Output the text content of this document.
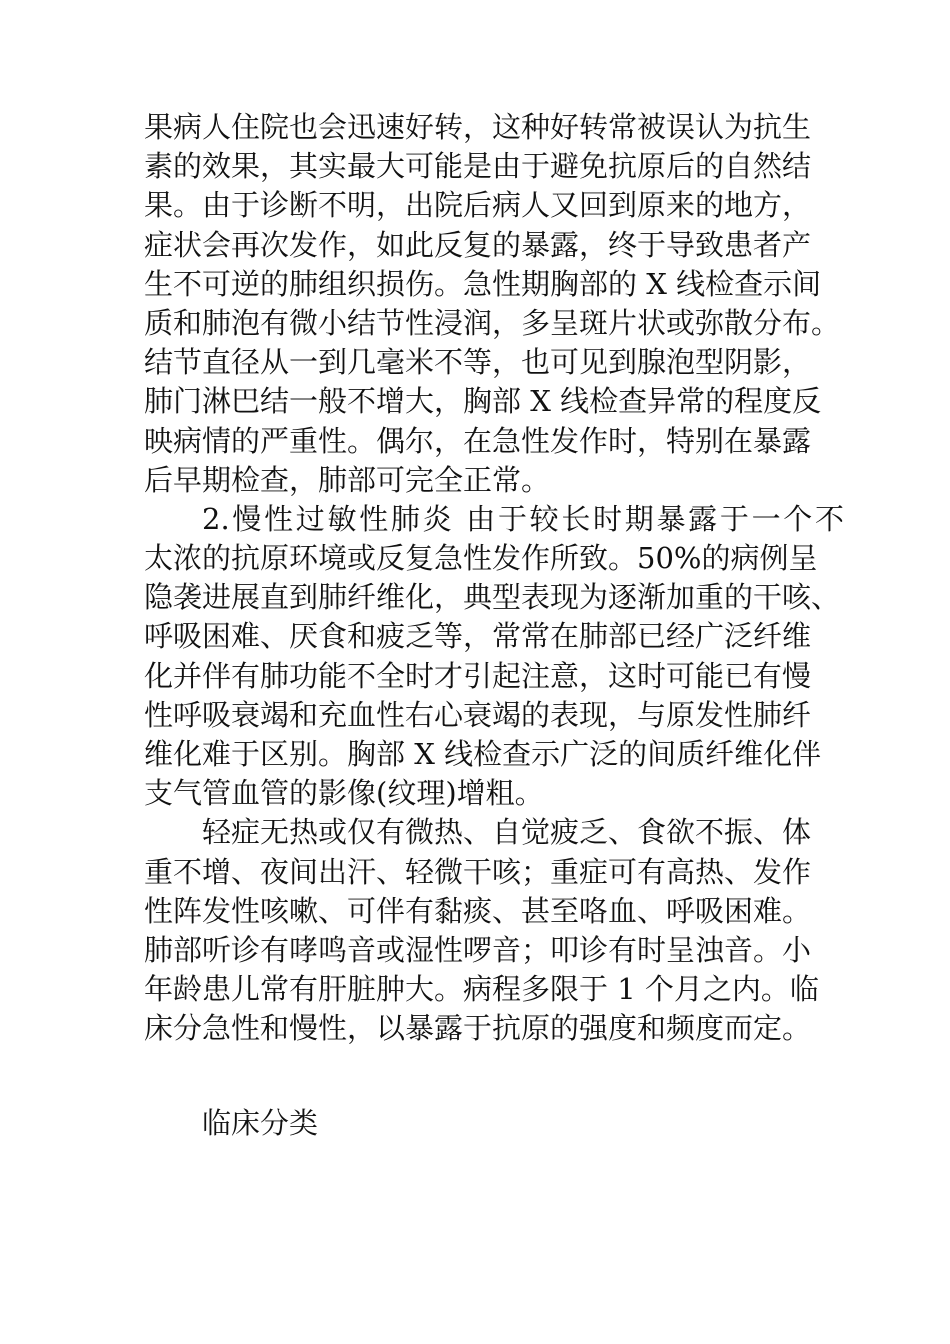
果病人住院也会迅速好转，这种好转常被误认为抗生
素的效果，其实最大可能是由于避免抗原后的自然结
果。由于诊断不明，出院后病人又回到原来的地方，
症状会再次发作，如此反复的暴露，终于导致患者产
生不可逆的肺组织损伤。急性期胸部的 X 线检查示间
质和肺泡有微小结节性浸润，多呈斑片状或弥散分布。
结节直径从一到几毫米不等，也可见到腺泡型阴影，
肺门淋巴结一般不增大，胸部 X 线检查异常的程度反
映病情的严重性。偶尔，在急性发作时，特别在暴露
后早期检查，肺部可完全正常。
2.慢性过敏性肺炎 由于较长时期暴露于一个不
太浓的抗原环境或反复急性发作所致。50%的病例呈
隐袭进展直到肺纤维化，典型表现为逐渐加重的干咳、
呼吸困难、厌食和疲乏等，常常在肺部已经广泛纤维
化并伴有肺功能不全时才引起注意，这时可能已有慢
性呼吸衰竭和充血性右心衰竭的表现，与原发性肺纤
维化难于区别。胸部 X 线检查示广泛的间质纤维化伴
支气管血管的影像(纹理)增粗。
轻症无热或仅有微热、自觉疲乏、食欲不振、体
重不增、夜间出汗、轻微干咳；重症可有高热、发作
性阵发性咳嗽、可伴有黏痰、甚至咯血、呼吸困难。
肺部听诊有哮鸣音或湿性啰音；叩诊有时呈浊音。小
年龄患儿常有肝脏肿大。病程多限于 1 个月之内。临
床分急性和慢性，以暴露于抗原的强度和频度而定。
临床分类
